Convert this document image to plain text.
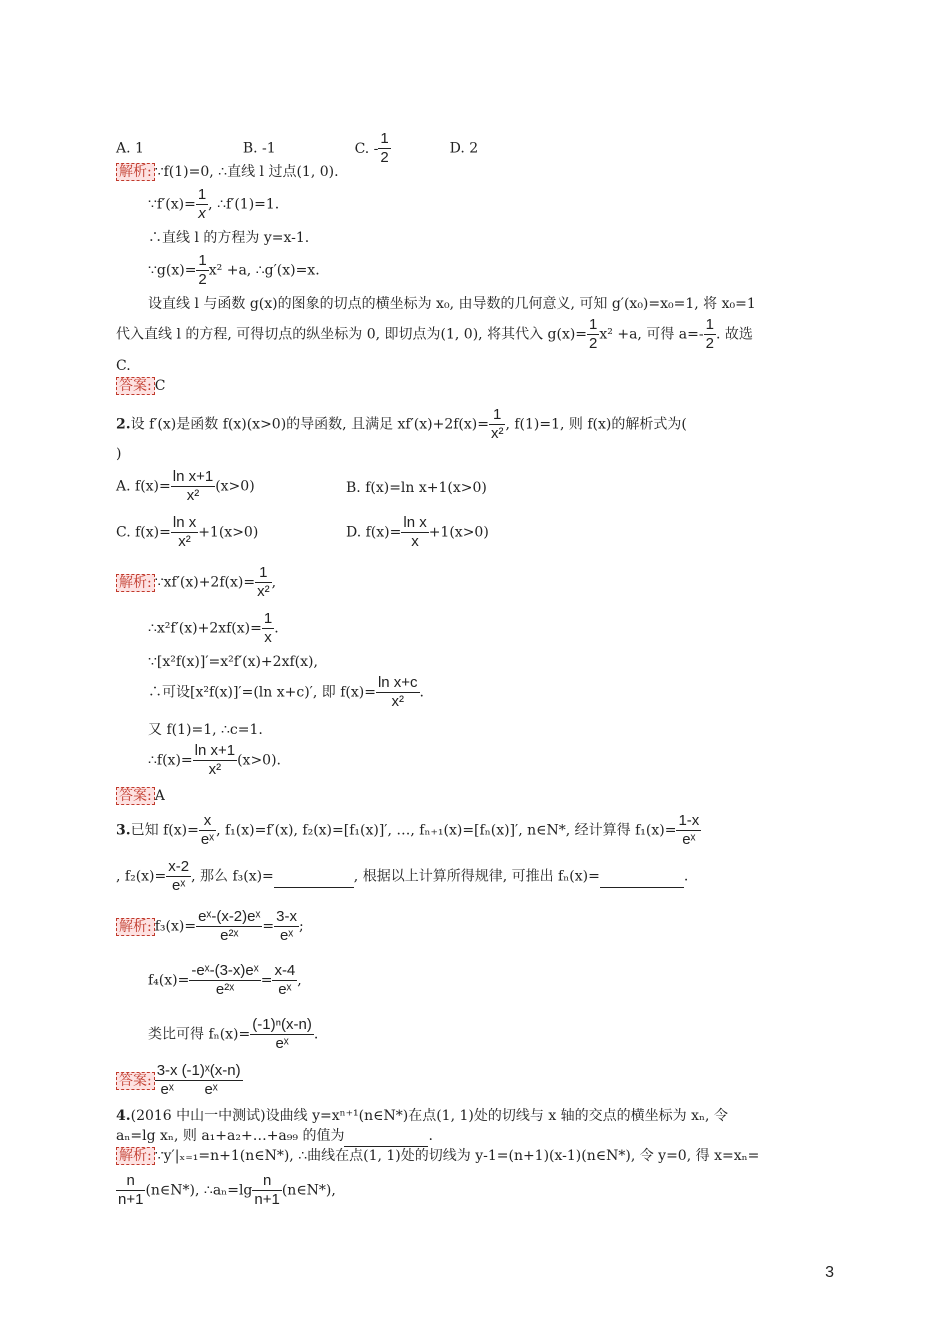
A. 1	B. -1	C. - $\frac{1}{2}$	D. 2
解析: ∵f(1)=0, ∴直线 l 过点(1, 0).
∵f′(x)= $\frac{1}{x}$ , ∴f′(1)=1.
∴直线 l 的方程为 y=x-1.
∵g(x)= $\frac{1}{2} x^2 +a$, ∴g′(x)=x.
设直线 l 与函数 g(x)的图象的切点的横坐标为 x₀, 由导数的几何意义, 可知 g′(x₀)=x₀=1, 将 x₀=1
代入直线 l 的方程, 可得切点的纵坐标为 0, 即切点为(1, 0), 将其代入 $g(x)= \frac{1}{2} x^2 +a$, 可得 $a=- \frac{1}{2}$ . 故选
C.
答案: C
2.设 f′(x)是函数 f(x)(x>0)的导函数, 且满足 $xf'(x)+2f(x)= \frac{1}{\text{x²}}$ , f(1)=1, 则 f(x)的解析式为(
)
A. $f(x)= \frac{\text{ln x+1}}{\text{x²}} (x>0)$	B. f(x)=ln x+1(x>0)
C. $f(x)= \frac{\text{ln x}}{\text{x²}} +1(x>0)$	D. $f(x)= \frac{\text{ln x}}{x} +1(x>0)$
解析: ∵xf′(x)+2f(x)= $\frac{1}{\text{x²}}$ ,
∴x²f′(x)+2xf(x)= $\frac{1}{x}$ .
∵[x²f(x)]′=x²f′(x)+2xf(x),
∴可设[x²f(x)]′=(ln x+c)′, 即 $f(x)= \frac{\text{ln x+c}}{\text{x²}}$ .
又 f(1)=1, ∴c=1.
∴f(x)= $\frac{\text{ln x+1}}{\text{x²}} (x>0)$.
答案: A
3.已知 $f(x)= \frac{x}{\text{eˣ}}$ , f₁(x)=f′(x), f₂(x)=[f₁(x)]′, …, fₙ₊₁(x)=[fₙ(x)]′, n∈N*, 经计算得 $f_1(x)= \frac{1-x}{\text{eˣ}}$
, $f_2(x)= \frac{x-2}{\text{eˣ}}$ , 那么 f₃(x)=	, 根据以上计算所得规律, 可推出 fₙ(x)=	.
解析: $f_3(x)= \frac{\text{eˣ-(x-2)eˣ}}{\text{e²ˣ}} = \frac{3-x}{\text{eˣ}}$ ;
$f_4(x)= \frac{\text{-eˣ-(3-x)eˣ}}{\text{e²ˣ}} = \frac{x-4}{\text{eˣ}}$ ,
类比可得 $f_n(x)= \frac{\text{(-1)ⁿ(x-n)}}{\text{eˣ}}$ .
答案: $\frac{3-x}{\text{eˣ}} \frac{\text{(-1)ˣ(x-n)}}{\text{eˣ}}$
4.(2016 中山一中测试)设曲线 y=xⁿ⁺¹(n∈N*)在点(1, 1)处的切线与 x 轴的交点的横坐标为 xₙ, 令
aₙ=lg xₙ, 则 a₁+a₂+…+a₉₉ 的值为	.
解析: ∵y′|ₓ₌₁=n+1(n∈N*), ∴曲线在点(1, 1)处的切线为 y-1=(n+1)(x-1)(n∈N*), 令 y=0, 得 x=xₙ=
$\frac{n}{n+1}$ (n∈N*), ∴aₙ=lg $\frac{n}{n+1}$ (n∈N*),
3
